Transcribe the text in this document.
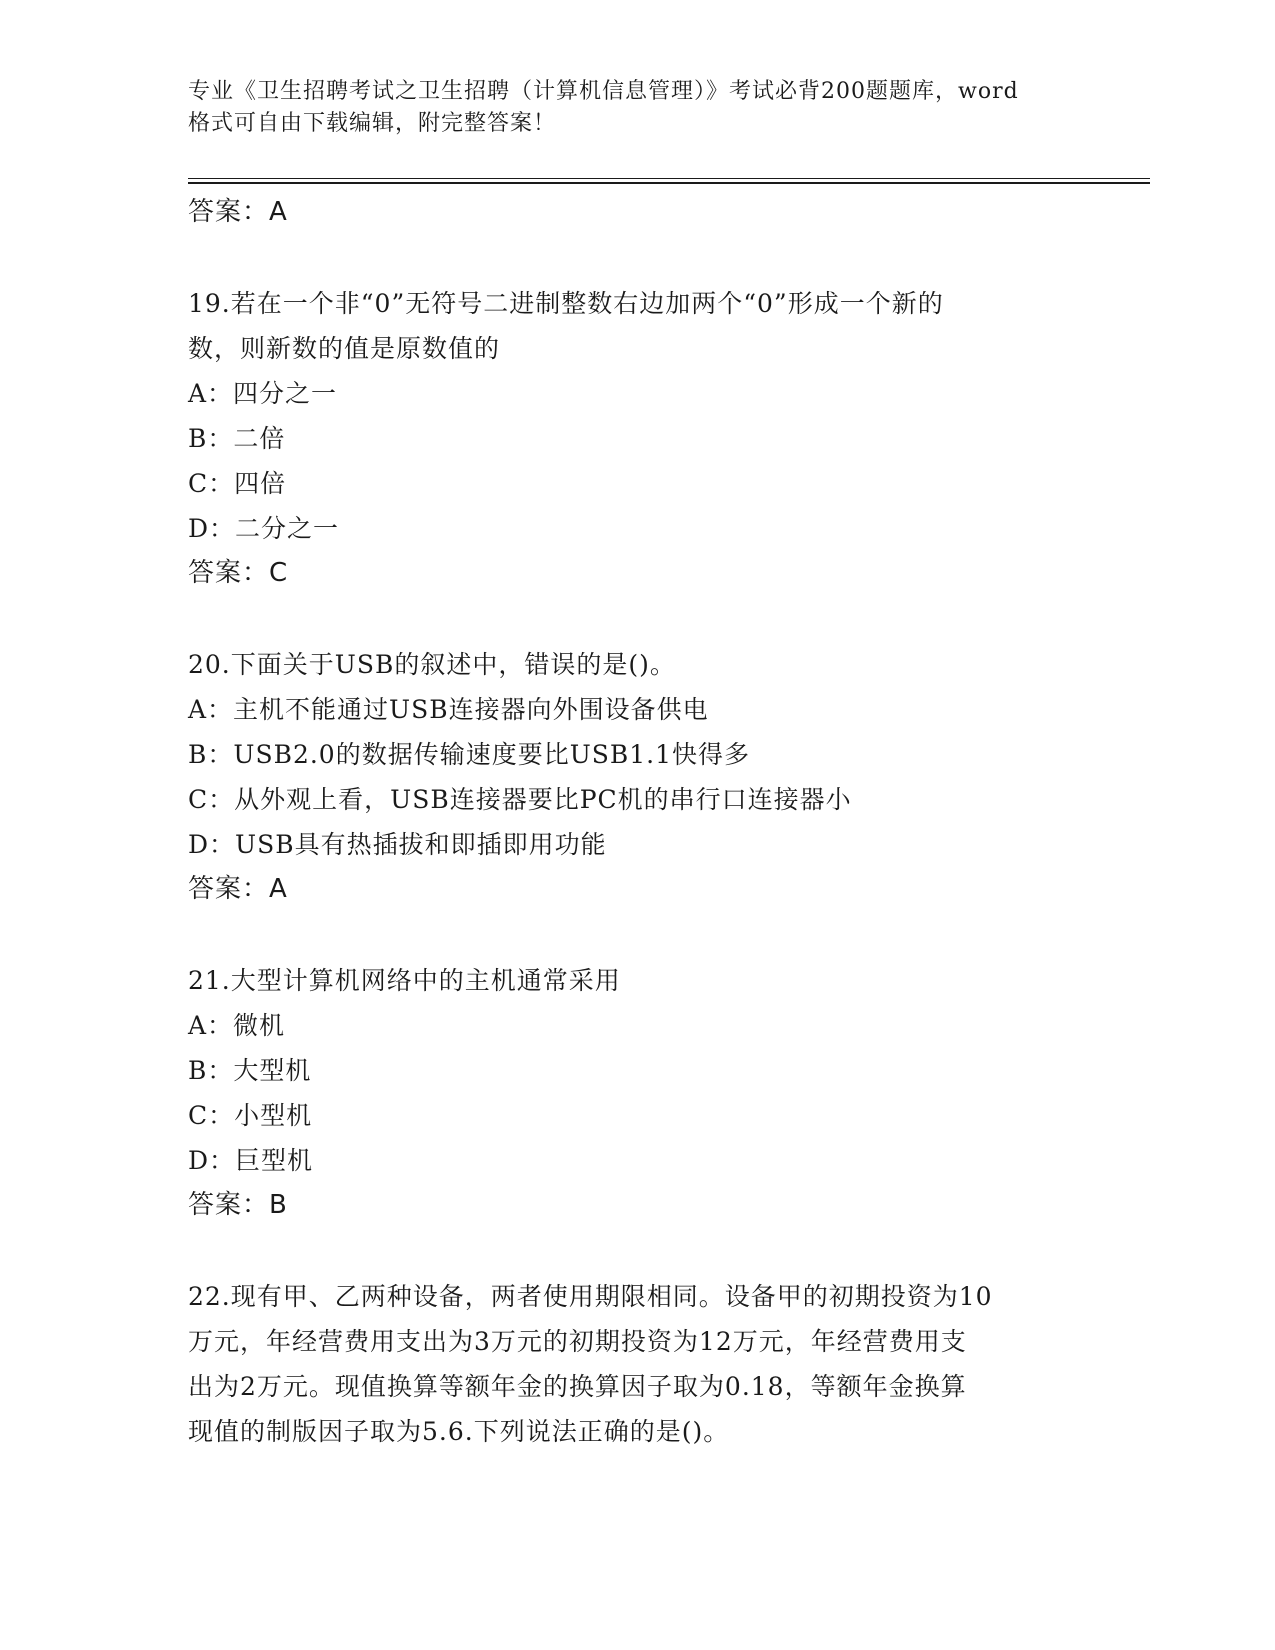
专业《卫生招聘考试之卫生招聘（计算机信息管理）》考试必背200题题库，word
格式可自由下载编辑，附完整答案！
答案：A
19.若在一个非“0”无符号二进制整数右边加两个“0”形成一个新的
数，则新数的值是原数值的
A：四分之一
B：二倍
C：四倍
D：二分之一
答案：C
20.下面关于USB的叙述中，错误的是()。
A：主机不能通过USB连接器向外围设备供电
B：USB2.0的数据传输速度要比USB1.1快得多
C：从外观上看，USB连接器要比PC机的串行口连接器小
D：USB具有热插拔和即插即用功能
答案：A
21.大型计算机网络中的主机通常采用
A：微机
B：大型机
C：小型机
D：巨型机
答案：B
22.现有甲、乙两种设备，两者使用期限相同。设备甲的初期投资为10
万元，年经营费用支出为3万元的初期投资为12万元，年经营费用支
出为2万元。现值换算等额年金的换算因子取为0.18，等额年金换算
现值的制版因子取为5.6.下列说法正确的是()。
